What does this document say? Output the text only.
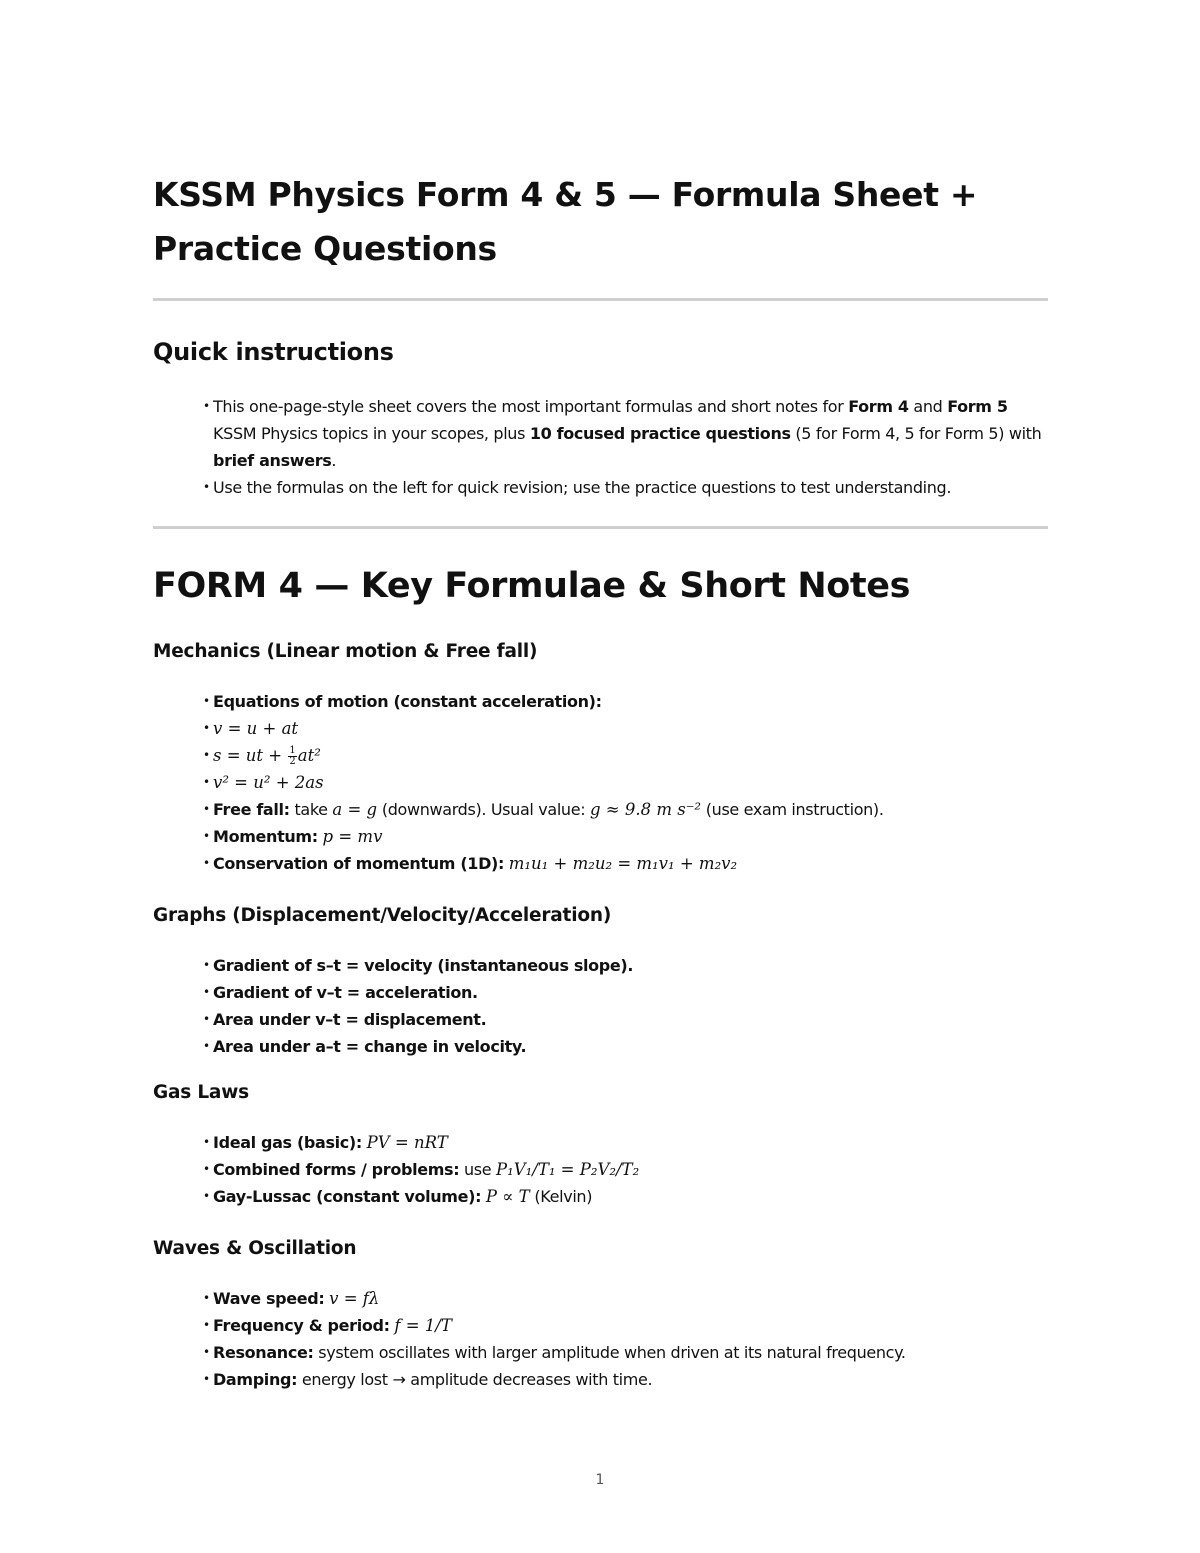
KSSM Physics Form 4 & 5 — Formula Sheet + Practice Questions
Quick instructions
• This one-page-style sheet covers the most important formulas and short notes for Form 4 and Form 5 KSSM Physics topics in your scopes, plus 10 focused practice questions (5 for Form 4, 5 for Form 5) with brief answers.
• Use the formulas on the left for quick revision; use the practice questions to test understanding.
FORM 4 — Key Formulae & Short Notes
Mechanics (Linear motion & Free fall)
• Equations of motion (constant acceleration):
• v = u + at
• s = ut + $\frac{1}{2} at^2$
• v² = u² + 2as
• Free fall: take a = g (downwards). Usual value: g ≈ 9.8 m s⁻² (use exam instruction).
• Momentum: p = mv
• Conservation of momentum (1D): m₁u₁ + m₂u₂ = m₁v₁ + m₂v₂
Graphs (Displacement/Velocity/Acceleration)
• Gradient of s–t = velocity (instantaneous slope).
• Gradient of v–t = acceleration.
• Area under v–t = displacement.
• Area under a–t = change in velocity.
Gas Laws
• Ideal gas (basic): PV = nRT
• Combined forms / problems: use P₁V₁/T₁ = P₂V₂/T₂
• Gay-Lussac (constant volume): P ∝ T (Kelvin)
Waves & Oscillation
• Wave speed: v = fλ
• Frequency & period: f = 1/T
• Resonance: system oscillates with larger amplitude when driven at its natural frequency.
• Damping: energy lost → amplitude decreases with time.
1
